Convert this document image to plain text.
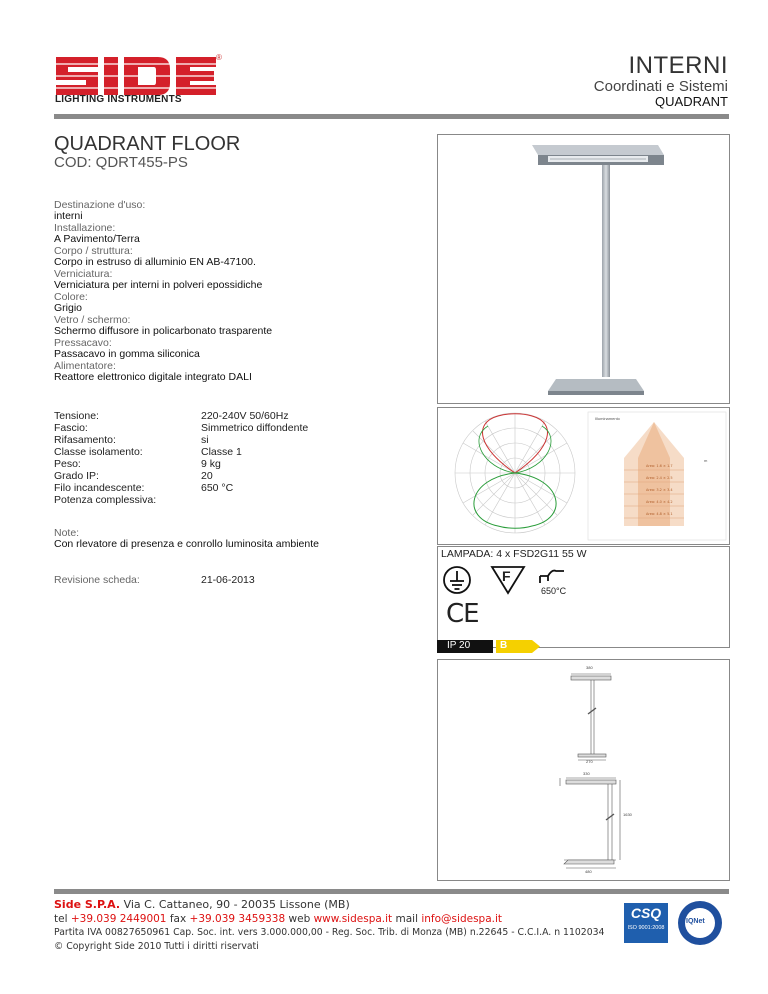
LIGHTING INSTRUMENTS
®	INTERNI
Coordinati e Sistemi
QUADRANT
QUADRANT FLOOR
COD: QDRT455-PS
Destinazione d'uso:
interni
Installazione:
A Pavimento/Terra
Corpo / struttura:
Corpo in estruso di alluminio EN AB-47100.
Verniciatura:
Verniciatura per interni in polveri epossidiche
Colore:
Grigio
Vetro / schermo:
Schermo diffusore in policarbonato trasparente
Pressacavo:
Passacavo in gomma siliconica
Alimentatore:
Reattore elettronico digitale integrato DALI
Tensione:	220-240V 50/60Hz
Fascio:	Simmetrico diffondente
Rifasamento:	si
Classe isolamento:	Classe 1
Peso:	9 kg
Grado IP:	20
Filo incandescente:	650 °C
Potenza complessiva:
Note:
Con rlevatore di presenza e conrollo luminosita ambiente
Revisione scheda:	21-06-2013
Area: 1.6 × 1.7
Area: 2.4 × 2.5
Area: 3.2 × 3.4
Area: 4.0 × 4.2
Area: 4.8 × 5.1
Illuminamento
m
LAMPADA: 4 x FSD2G11 55 W
F
650°C
CE
IP 20	B
380
270
330
1630
480
Side S.P.A. Via C. Cattaneo, 90 - 20035 Lissone (MB)
tel +39.039 2449001 fax +39.039 3459338 web www.sidespa.it mail info@sidespa.it
Partita IVA 00827650961 Cap. Soc. int. vers 3.000.000,00 - Reg. Soc. Trib. di Monza (MB) n.22645 - C.C.I.A. n 1102034
© Copyright Side 2010 Tutti i diritti riservati
CSQ
ISO 9001:2008
IQNet
